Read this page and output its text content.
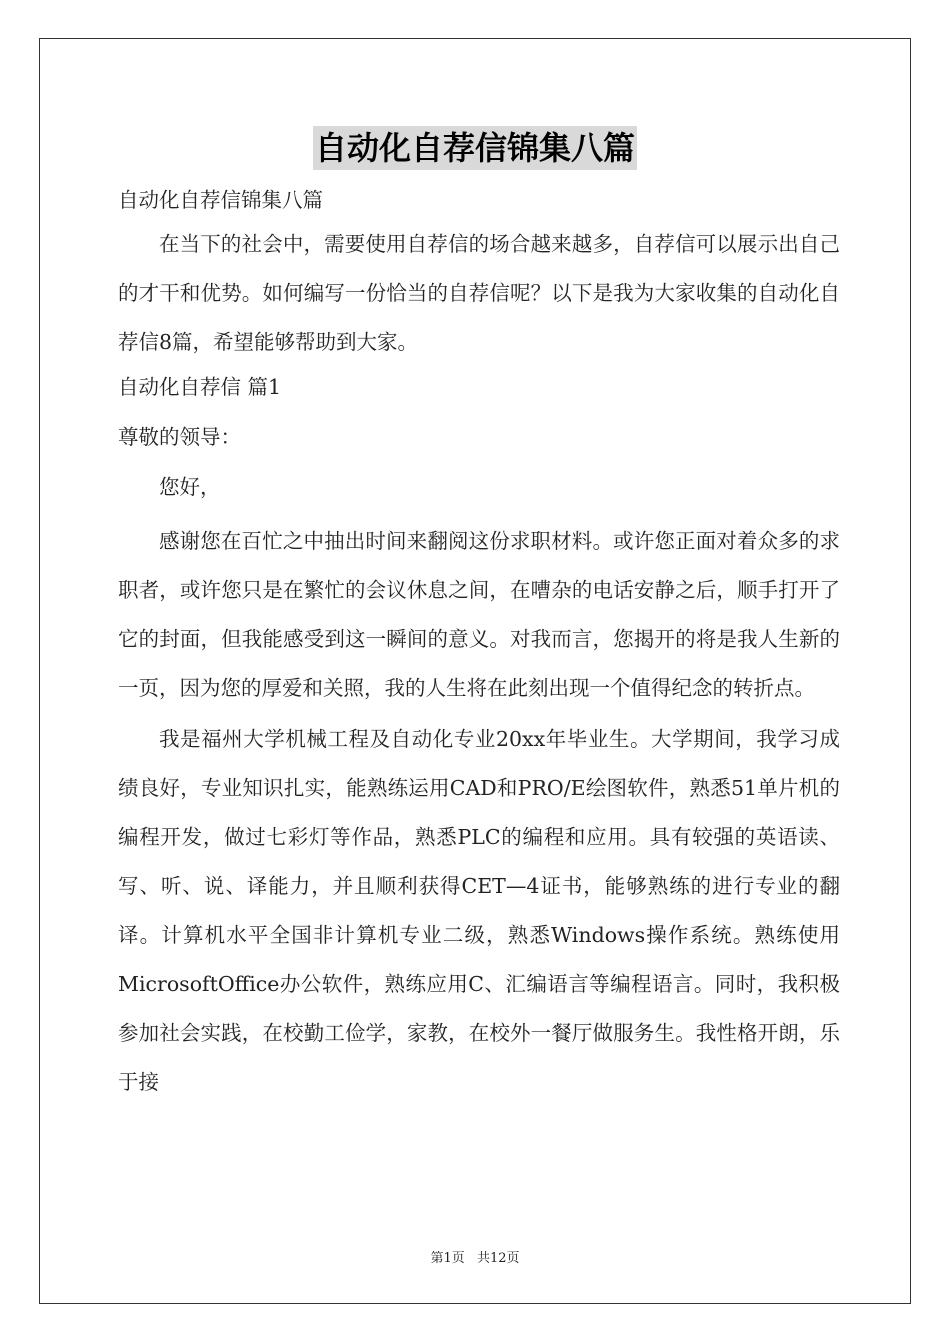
自动化自荐信锦集八篇
自动化自荐信锦集八篇

在当下的社会中，需要使用自荐信的场合越来越多，自荐信可以展示出自己的才干和优势。如何编写一份恰当的自荐信呢？以下是我为大家收集的自动化自荐信8篇，希望能够帮助到大家。

自动化自荐信 篇1
尊敬的领导：
您好，

感谢您在百忙之中抽出时间来翻阅这份求职材料。或许您正面对着众多的求职者，或许您只是在繁忙的会议休息之间，在嘈杂的电话安静之后，顺手打开了它的封面，但我能感受到这一瞬间的意义。对我而言，您揭开的将是我人生新的一页，因为您的厚爱和关照，我的人生将在此刻出现一个值得纪念的转折点。

我是福州大学机械工程及自动化专业20xx年毕业生。大学期间，我学习成绩良好，专业知识扎实，能熟练运用CAD和PRO/E绘图软件，熟悉51单片机的编程开发，做过七彩灯等作品，熟悉PLC的编程和应用。具有较强的英语读、写、听、说、译能力，并且顺利获得CET—4证书，能够熟练的进行专业的翻译。计算机水平全国非计算机专业二级，熟悉Windows操作系统。熟练使用MicrosoftOffice办公软件，熟练应用C、汇编语言等编程语言。同时，我积极参加社会实践，在校勤工俭学，家教，在校外一餐厅做服务生。我性格开朗，乐于接

第1页 共12页
